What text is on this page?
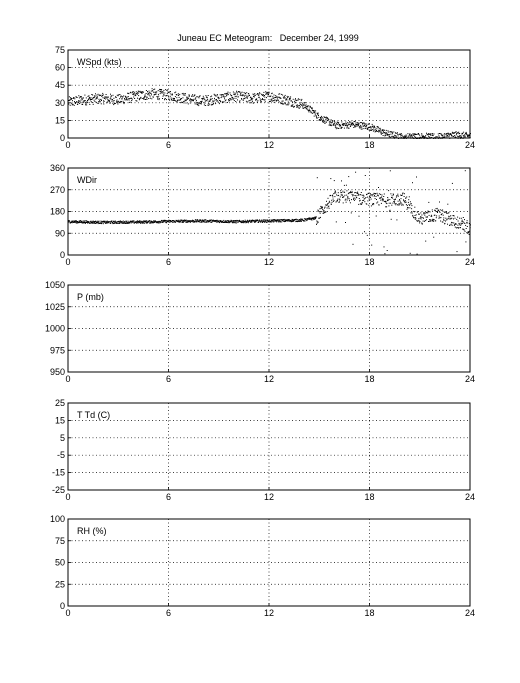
Juneau EC Meteogram:   December 24, 1999
0	6	12	18	24
0
15
30
45
60
75
WSpd (kts)
0	6	12	18	24
0
90
180
270
360
WDir
0	6	12	18	24
950
975
1000
1025
1050
P (mb)
0	6	12	18	24
-25
-15
-5
5
15
25
T Td (C)
0	6	12	18	24
0
25
50
75
100
RH (%)
